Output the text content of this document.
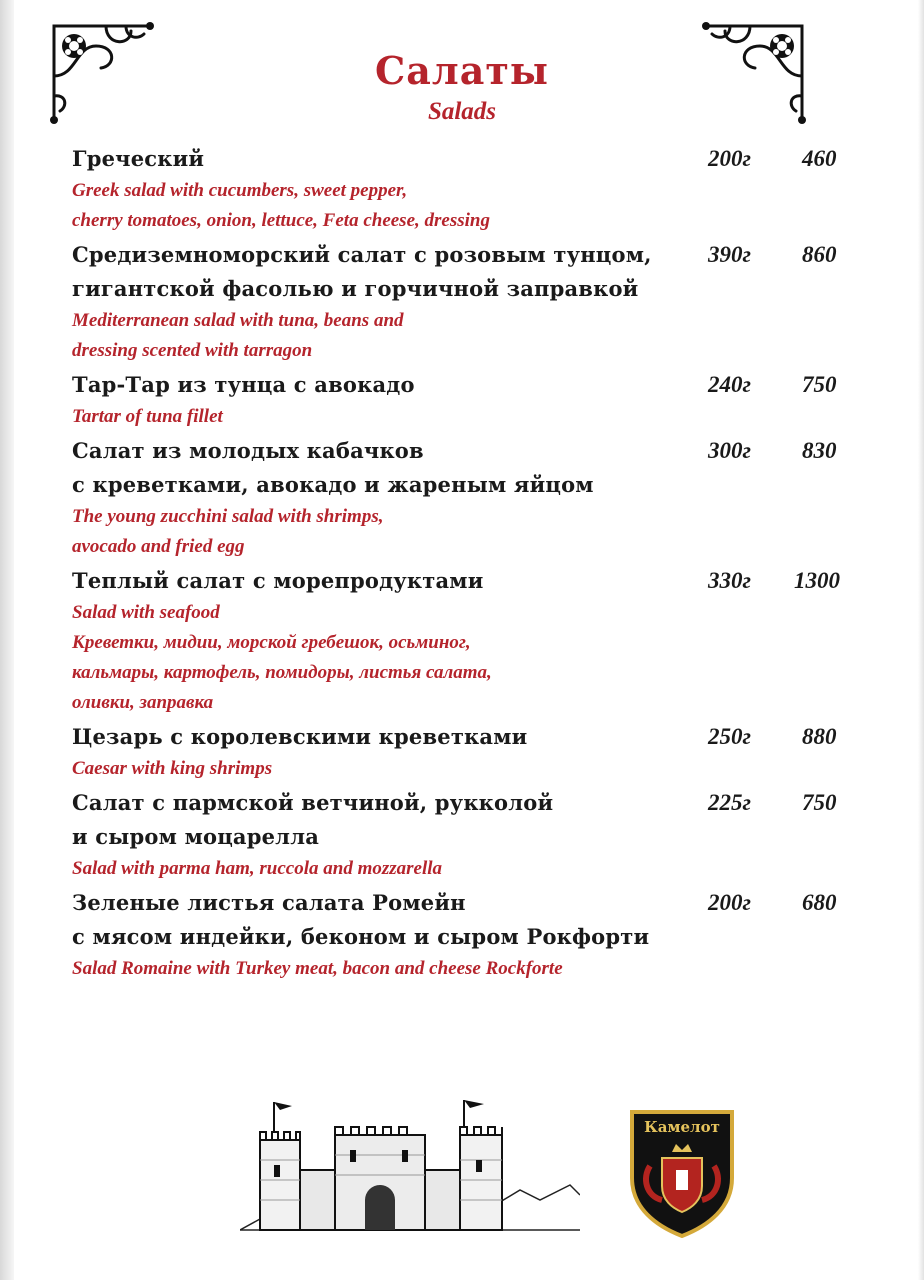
Салаты
Salads
Греческий
Greek salad with cucumbers, sweet pepper,
cherry tomatoes, onion, lettuce, Feta cheese, dressing
200г 460
Средиземноморский салат с розовым тунцом,
гигантской фасолью и горчичной заправкой
Mediterranean salad with tuna, beans and
dressing scented with tarragon
390г 860
Тар-Тар из тунца с авокадо
Tartar of tuna fillet
240г 750
Салат из молодых кабачков
с креветками, авокадо и жареным яйцом
The young zucchini salad with shrimps,
avocado and fried egg
300г 830
Теплый салат с морепродуктами
Salad with seafood
Креветки, мидии, морской гребешок, осьминог,
кальмары, картофель, помидоры, листья салата,
оливки, заправка
330г 1300
Цезарь с королевскими креветками
Caesar with king shrimps
250г 880
Салат с пармской ветчиной, рукколой
и сыром моцарелла
Salad with parma ham, ruccola and mozzarella
225г 750
Зеленые листья салата Ромейн
с мясом индейки, беконом и сыром Рокфорти
Salad Romaine with Turkey meat, bacon and cheese Rockforte
200г 680
Камелот
